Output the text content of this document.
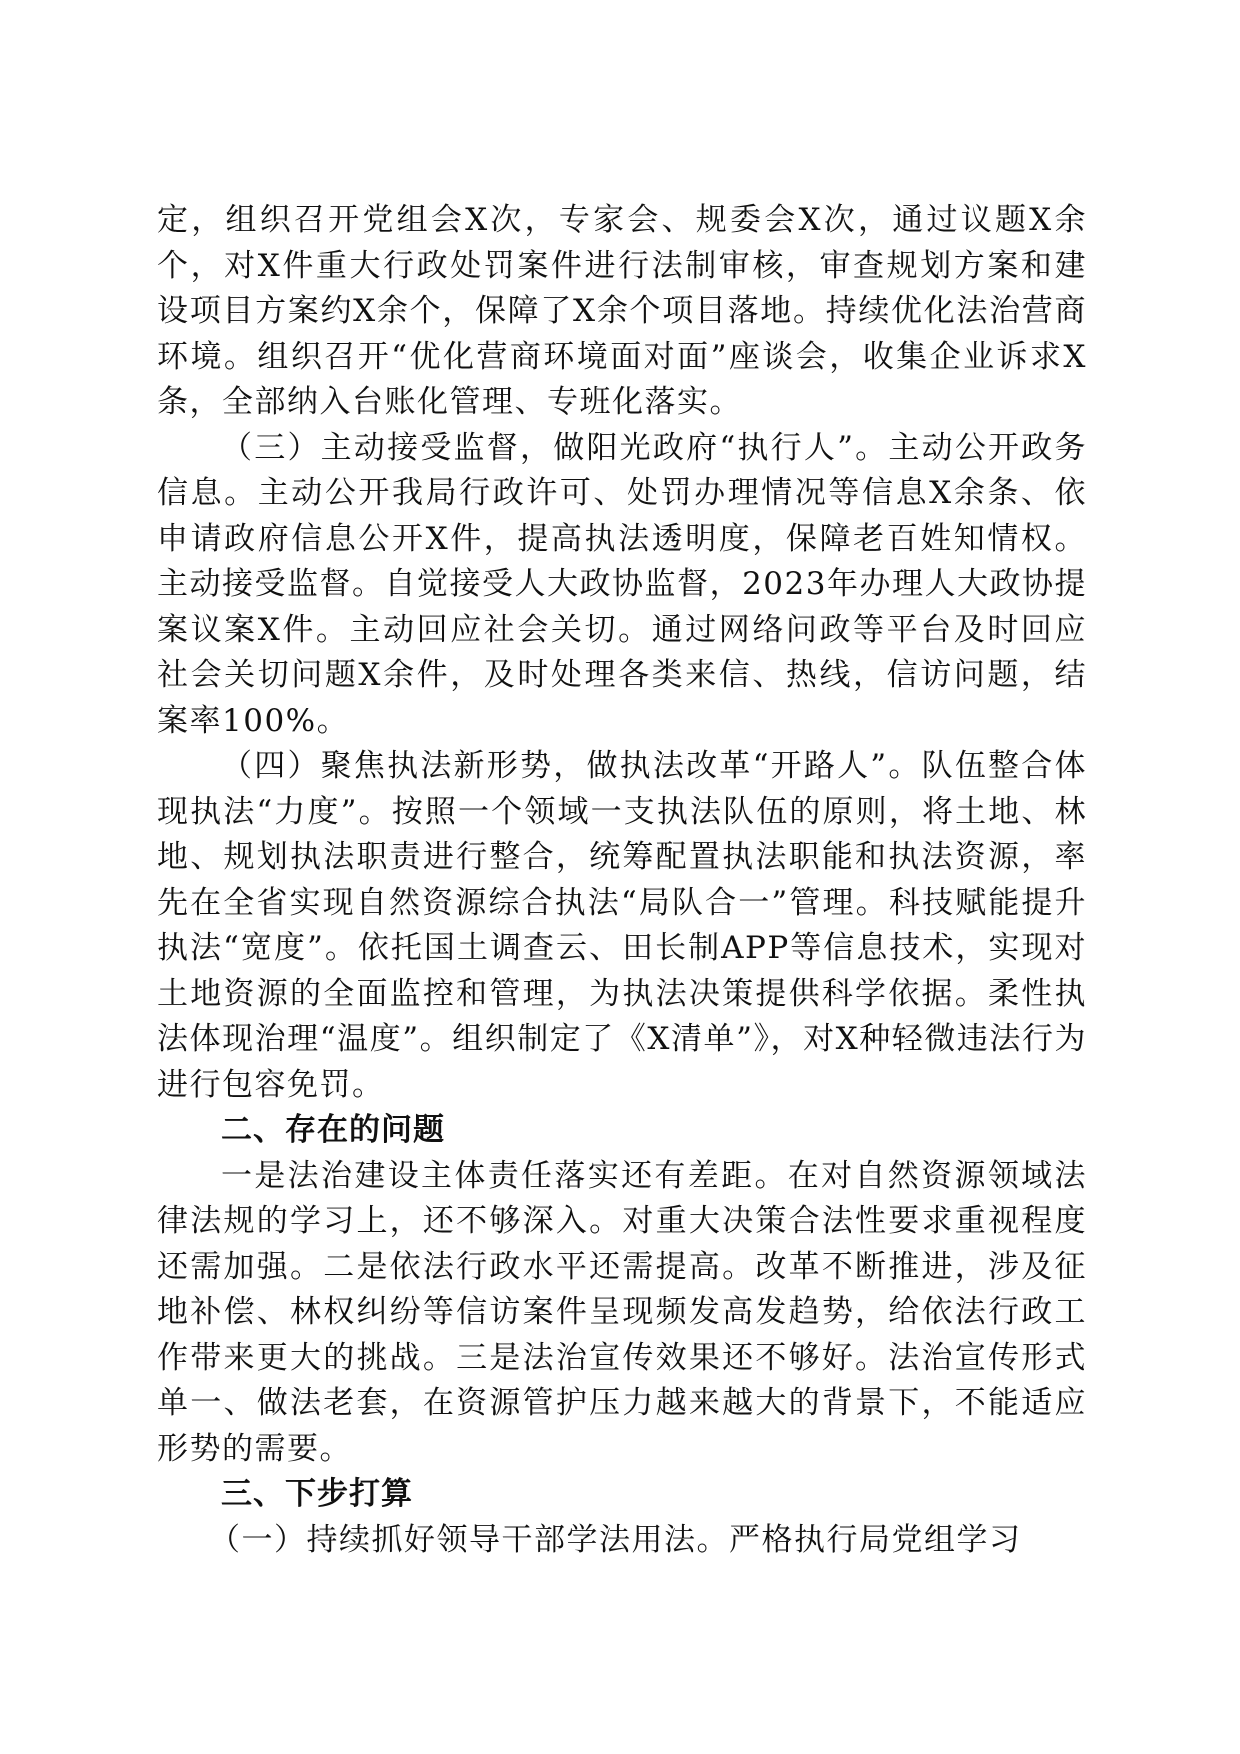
定，组织召开党组会X次，专家会、规委会X次，通过议题X余个，对X件重大行政处罚案件进行法制审核，审查规划方案和建设项目方案约X余个，保障了X余个项目落地。持续优化法治营商环境。组织召开“优化营商环境面对面”座谈会，收集企业诉求X条，全部纳入台账化管理、专班化落实。

（三）主动接受监督，做阳光政府“执行人”。主动公开政务信息。主动公开我局行政许可、处罚办理情况等信息X余条、依申请政府信息公开X件，提高执法透明度，保障老百姓知情权。主动接受监督。自觉接受人大政协监督，2023年办理人大政协提案议案X件。主动回应社会关切。通过网络问政等平台及时回应社会关切问题X余件，及时处理各类来信、热线，信访问题，结案率100%。

（四）聚焦执法新形势，做执法改革“开路人”。队伍整合体现执法“力度”。按照一个领域一支执法队伍的原则，将土地、林地、规划执法职责进行整合，统筹配置执法职能和执法资源，率先在全省实现自然资源综合执法“局队合一”管理。科技赋能提升执法“宽度”。依托国土调查云、田长制APP等信息技术，实现对土地资源的全面监控和管理，为执法决策提供科学依据。柔性执法体现治理“温度”。组织制定了《X清单”》，对X种轻微违法行为进行包容免罚。

二、存在的问题

一是法治建设主体责任落实还有差距。在对自然资源领域法律法规的学习上，还不够深入。对重大决策合法性要求重视程度还需加强。二是依法行政水平还需提高。改革不断推进，涉及征地补偿、林权纠纷等信访案件呈现频发高发趋势，给依法行政工作带来更大的挑战。三是法治宣传效果还不够好。法治宣传形式单一、做法老套，在资源管护压力越来越大的背景下，不能适应形势的需要。

三、下步打算

（一）持续抓好领导干部学法用法。严格执行局党组学习
